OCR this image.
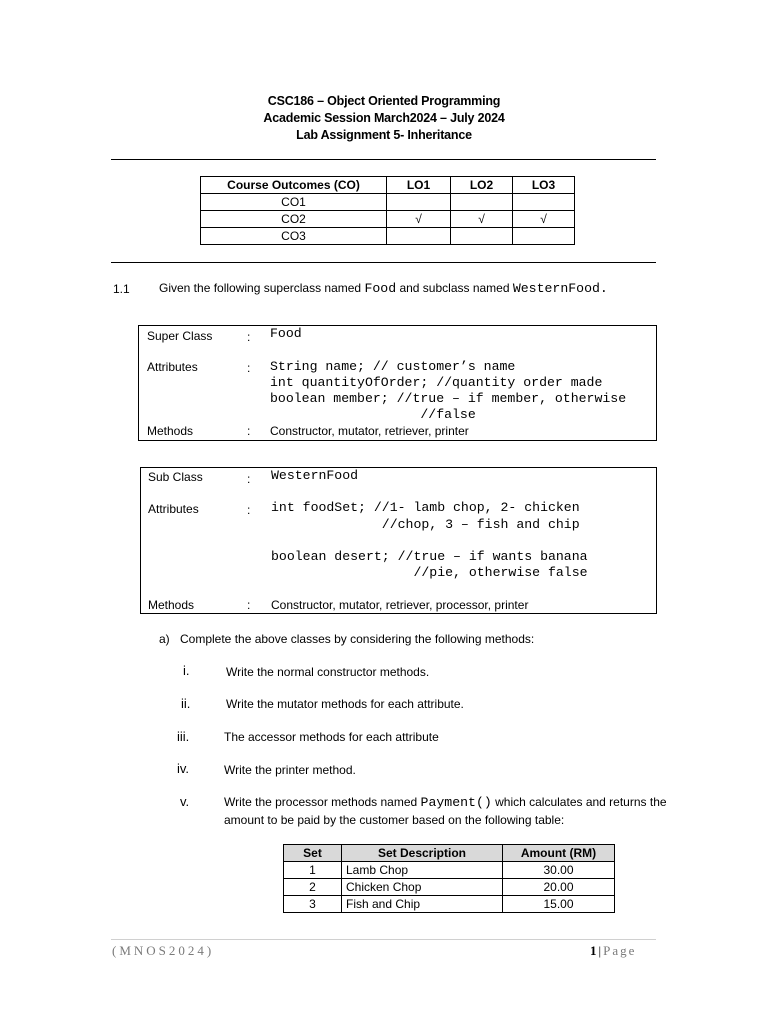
CSC186 – Object Oriented Programming
Academic Session March2024 – July 2024
Lab Assignment 5- Inheritance
Course Outcomes (CO)	LO1	LO2	LO3
CO1			
CO2	√	√	√
CO3			
1.1 Given the following superclass named Food and subclass named WesternFood.
Super Class	: Food
Attributes	: String name; // customer’s name
int quantityOfOrder; //quantity order made
boolean member; //true – if member, otherwise
//false
Methods	: Constructor, mutator, retriever, printer
Sub Class	: WesternFood
Attributes	: int foodSet; //1- lamb chop, 2- chicken
//chop, 3 – fish and chip
boolean desert; //true – if wants banana
//pie, otherwise false
Methods	: Constructor, mutator, retriever, processor, printer
a) Complete the above classes by considering the following methods:
i.	Write the normal constructor methods.
ii.	Write the mutator methods for each attribute.
iii.	The accessor methods for each attribute
iv.	Write the printer method.
v.	Write the processor methods named Payment() which calculates and returns the
amount to be paid by the customer based on the following table:
Set	Set Description	Amount (RM)
1	Lamb Chop	30.00
2	Chicken Chop	20.00
3	Fish and Chip	15.00
(MNOS2024)	1|Page
